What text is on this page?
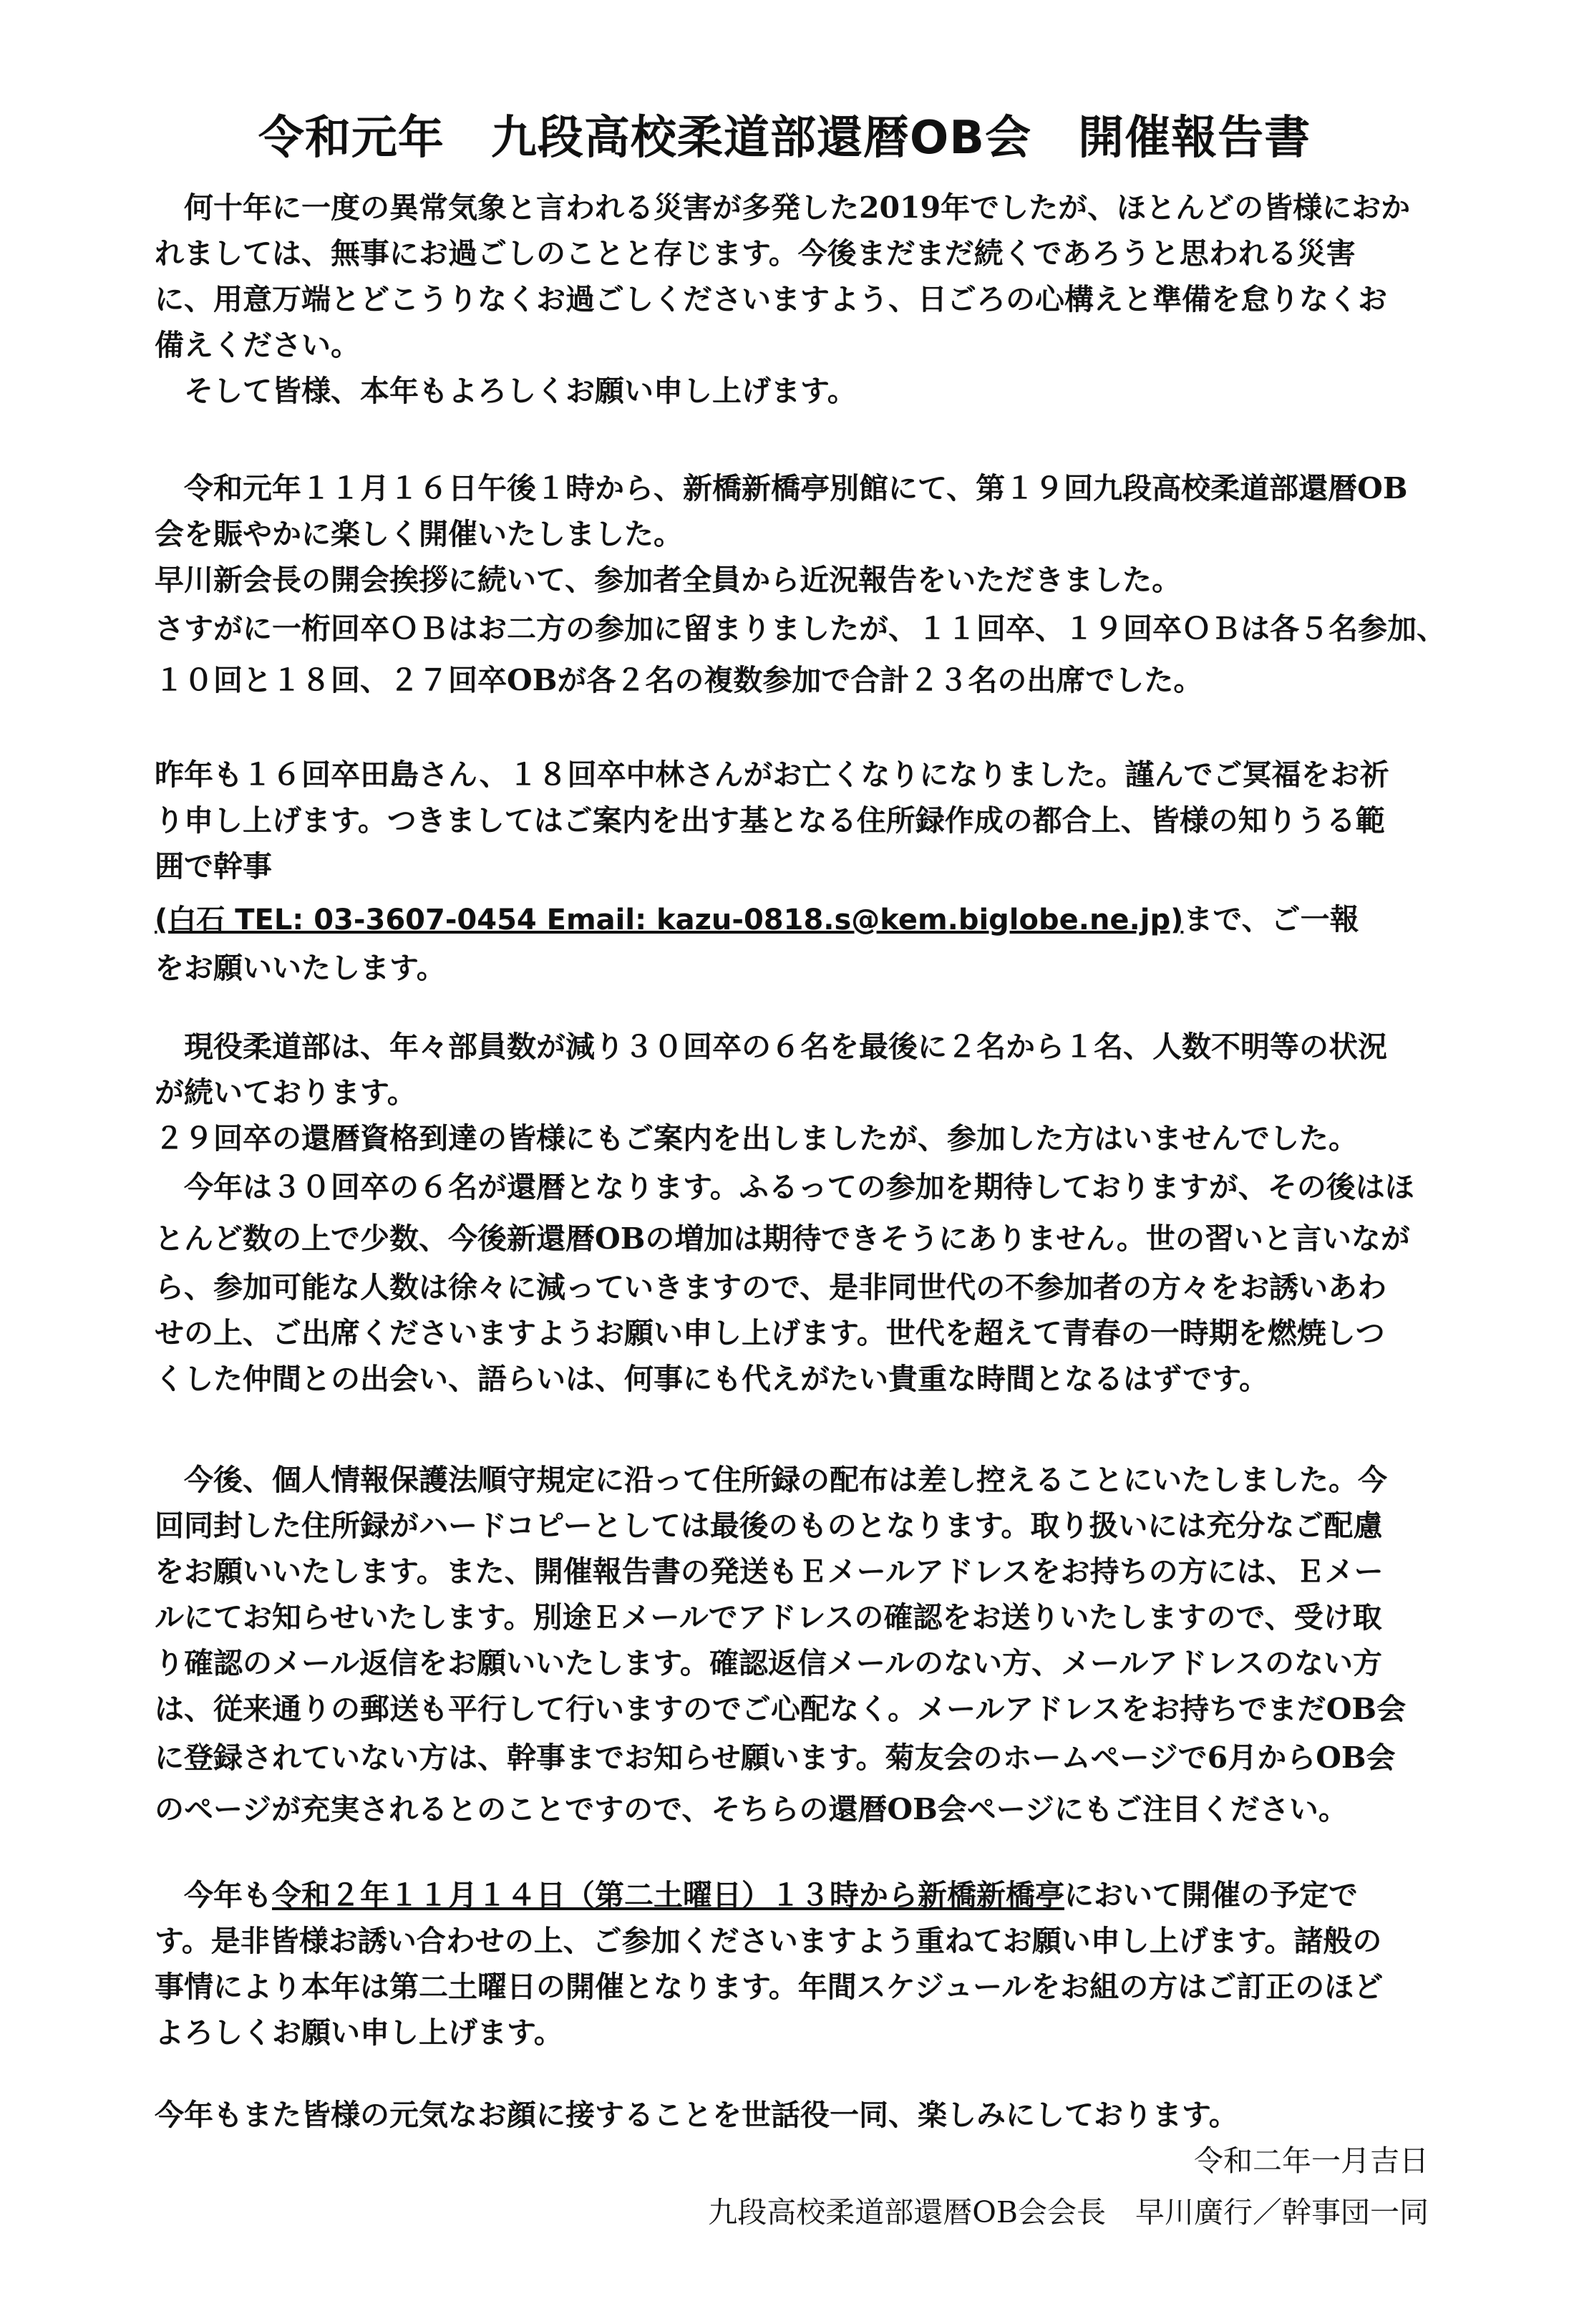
令和元年　九段高校柔道部還暦OB会　開催報告書
　何十年に一度の異常気象と言われる災害が多発した2019年でしたが、ほとんどの皆様におか
れましては、無事にお過ごしのことと存じます。今後まだまだ続くであろうと思われる災害
に、用意万端とどこうりなくお過ごしくださいますよう、日ごろの心構えと準備を怠りなくお
備えください。
　そして皆様、本年もよろしくお願い申し上げます。
　令和元年１１月１６日午後１時から、新橋新橋亭別館にて、第１９回九段高校柔道部還暦OB
会を賑やかに楽しく開催いたしました。
早川新会長の開会挨拶に続いて、参加者全員から近況報告をいただきました。
さすがに一桁回卒ＯＢはお二方の参加に留まりましたが、１１回卒、１９回卒ＯＢは各５名参加、
１０回と１８回、２７回卒OBが各２名の複数参加で合計２３名の出席でした。
昨年も１６回卒田島さん、１８回卒中林さんがお亡くなりになりました。謹んでご冥福をお祈
り申し上げます。つきましてはご案内を出す基となる住所録作成の都合上、皆様の知りうる範
囲で幹事
(白石 TEL: 03-3607-0454 Email: kazu-0818.s@kem.biglobe.ne.jp)まで、ご一報
をお願いいたします。
　現役柔道部は、年々部員数が減り３０回卒の６名を最後に２名から１名、人数不明等の状況
が続いております。
２９回卒の還暦資格到達の皆様にもご案内を出しましたが、参加した方はいませんでした。
　今年は３０回卒の６名が還暦となります。ふるっての参加を期待しておりますが、その後はほ
とんど数の上で少数、今後新還暦OBの増加は期待できそうにありません。世の習いと言いなが
ら、参加可能な人数は徐々に減っていきますので、是非同世代の不参加者の方々をお誘いあわ
せの上、ご出席くださいますようお願い申し上げます。世代を超えて青春の一時期を燃焼しつ
くした仲間との出会い、語らいは、何事にも代えがたい貴重な時間となるはずです。
　今後、個人情報保護法順守規定に沿って住所録の配布は差し控えることにいたしました。今
回同封した住所録がハードコピーとしては最後のものとなります。取り扱いには充分なご配慮
をお願いいたします。また、開催報告書の発送もＥメールアドレスをお持ちの方には、Ｅメー
ルにてお知らせいたします。別途Ｅメールでアドレスの確認をお送りいたしますので、受け取
り確認のメール返信をお願いいたします。確認返信メールのない方、メールアドレスのない方
は、従来通りの郵送も平行して行いますのでご心配なく。メールアドレスをお持ちでまだOB会
に登録されていない方は、幹事までお知らせ願います。菊友会のホームページで6月からOB会
のページが充実されるとのことですので、そちらの還暦OB会ページにもご注目ください。
　今年も令和２年１１月１４日（第二土曜日）１３時から新橋新橋亭において開催の予定で
す。是非皆様お誘い合わせの上、ご参加くださいますよう重ねてお願い申し上げます。諸般の
事情により本年は第二土曜日の開催となります。年間スケジュールをお組の方はご訂正のほど
よろしくお願い申し上げます。
今年もまた皆様の元気なお顔に接することを世話役一同、楽しみにしております。
令和二年一月吉日
九段高校柔道部還暦OB会会長　早川廣行／幹事団一同
